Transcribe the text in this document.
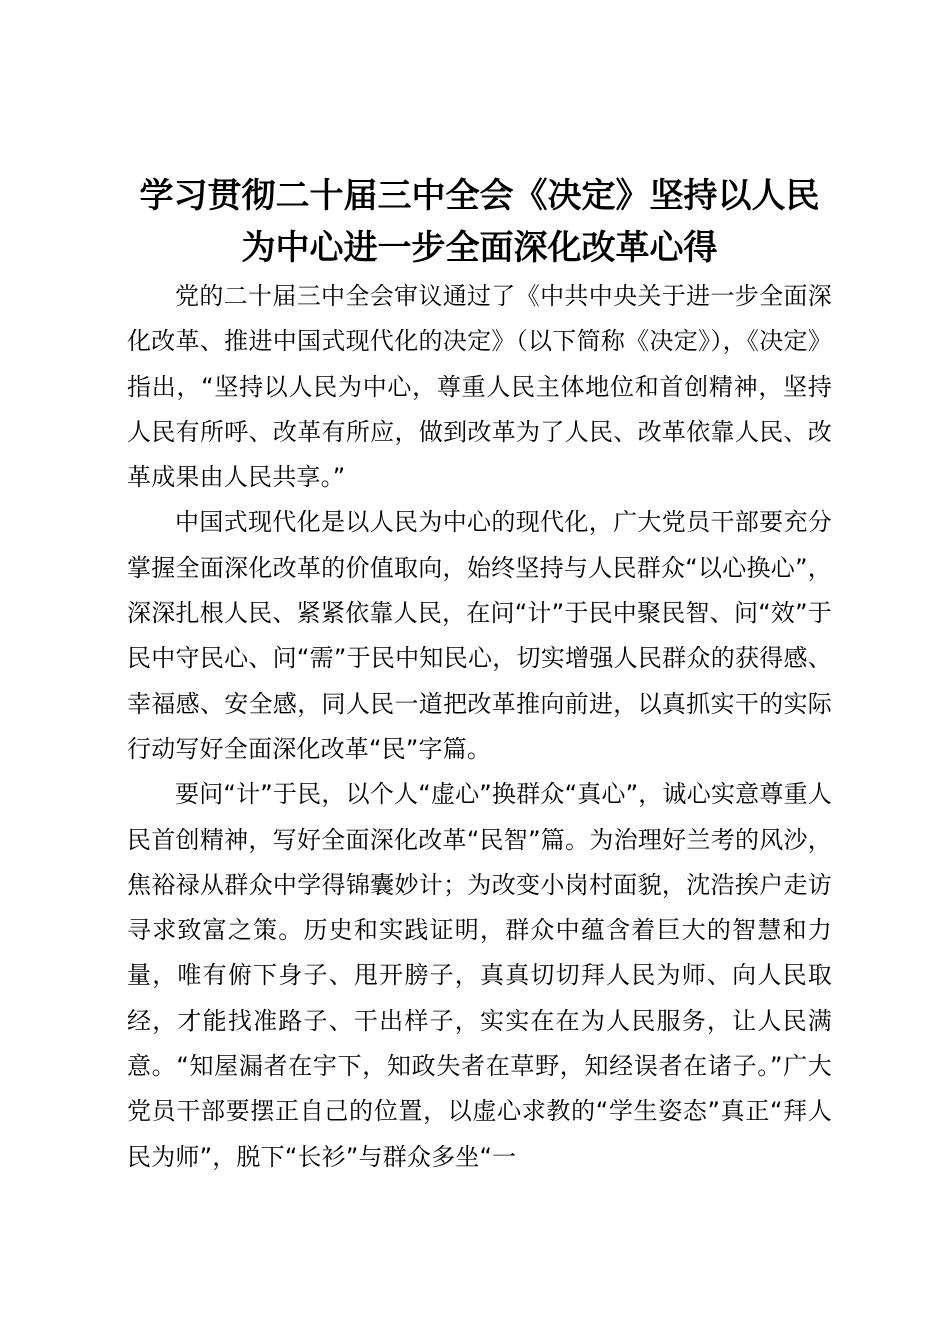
学习贯彻二十届三中全会《决定》坚持以人民
为中心进一步全面深化改革心得

党的二十届三中全会审议通过了《中共中央关于进一步全面深化改革、推进中国式现代化的决定》（以下简称《决定》），《决定》指出，“坚持以人民为中心，尊重人民主体地位和首创精神，坚持人民有所呼、改革有所应，做到改革为了人民、改革依靠人民、改革成果由人民共享。”

中国式现代化是以人民为中心的现代化，广大党员干部要充分掌握全面深化改革的价值取向，始终坚持与人民群众“以心换心”，深深扎根人民、紧紧依靠人民，在问“计”于民中聚民智、问“效”于民中守民心、问“需”于民中知民心，切实增强人民群众的获得感、幸福感、安全感，同人民一道把改革推向前进，以真抓实干的实际行动写好全面深化改革“民”字篇。

要问“计”于民，以个人“虚心”换群众“真心”，诚心实意尊重人民首创精神，写好全面深化改革“民智”篇。为治理好兰考的风沙，焦裕禄从群众中学得锦囊妙计；为改变小岗村面貌，沈浩挨户走访寻求致富之策。历史和实践证明，群众中蕴含着巨大的智慧和力量，唯有俯下身子、甩开膀子，真真切切拜人民为师、向人民取经，才能找准路子、干出样子，实实在在为人民服务，让人民满意。“知屋漏者在宇下，知政失者在草野，知经误者在诸子。”广大党员干部要摆正自己的位置，以虚心求教的“学生姿态”真正“拜人民为师”，脱下“长衫”与群众多坐“一
